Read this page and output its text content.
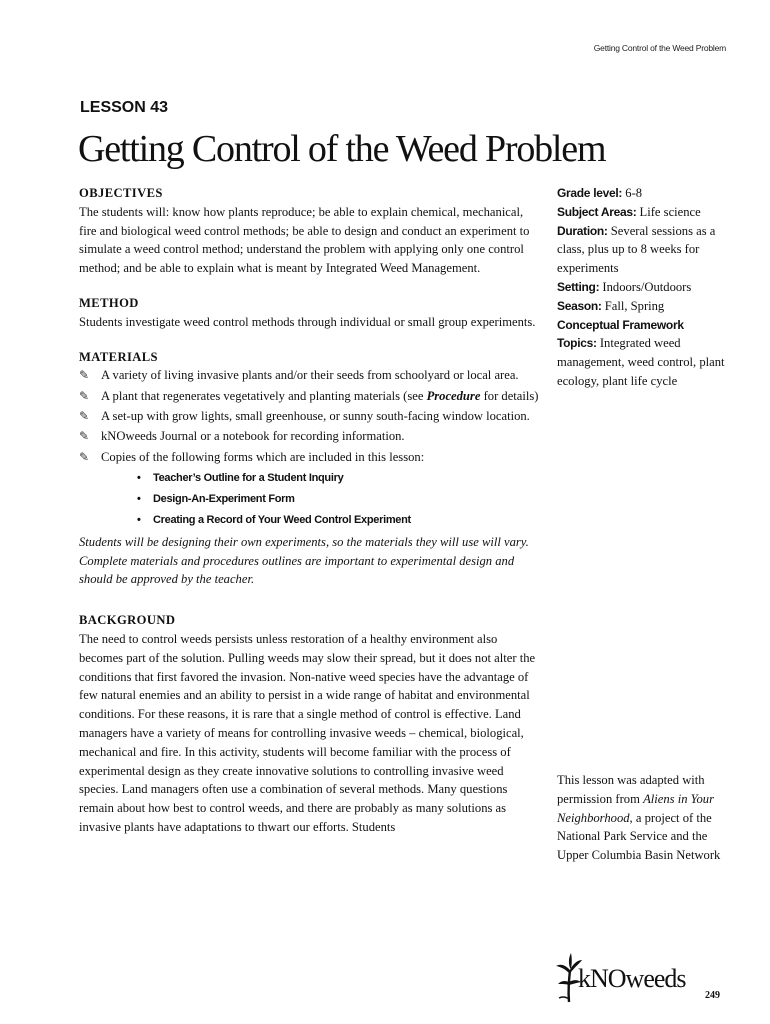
Getting Control of the Weed Problem
LESSON 43
Getting Control of the Weed Problem
OBJECTIVES

The students will: know how plants reproduce; be able to explain chemical, mechanical, fire and biological weed control methods; be able to design and conduct an experiment to simulate a weed control method; understand the problem with applying only one control method; and be able to explain what is meant by Integrated Weed Management.

METHOD

Students investigate weed control methods through individual or small group experiments.

MATERIALS
✎ A variety of living invasive plants and/or their seeds from schoolyard or local area.
✎ A plant that regenerates vegetatively and planting materials (see Procedure for details)
✎ A set-up with grow lights, small greenhouse, or sunny south-facing window location.
✎ kNOweeds Journal or a notebook for recording information.
✎ Copies of the following forms which are included in this lesson:
• Teacher’s Outline for a Student Inquiry
• Design-An-Experiment Form
• Creating a Record of Your Weed Control Experiment

Students will be designing their own experiments, so the materials they will use will vary. Complete materials and procedures outlines are important to experimental design and should be approved by the teacher.

BACKGROUND

The need to control weeds persists unless restoration of a healthy environment also becomes part of the solution. Pulling weeds may slow their spread, but it does not alter the conditions that first favored the invasion. Non-native weed species have the advantage of few natural enemies and an ability to persist in a wide range of habitat and environmental conditions. For these reasons, it is rare that a single method of control is effective. Land managers have a variety of means for controlling invasive weeds – chemical, biological, mechanical and fire. In this activity, students will become familiar with the process of experimental design as they create innovative solutions to controlling invasive weed species. Land managers often use a combination of several methods. Many questions remain about how best to control weeds, and there are probably as many solutions as invasive plants have adaptations to thwart our efforts. Students

Grade level: 6-8
Subject Areas: Life science
Duration: Several sessions as a class, plus up to 8 weeks for experiments
Setting: Indoors/Outdoors
Season: Fall, Spring
Conceptual Framework
Topics: Integrated weed management, weed control, plant ecology, plant life cycle
This lesson was adapted with permission from Aliens in Your Neighborhood, a project of the National Park Service and the Upper Columbia Basin Network
kNOweeds
249
